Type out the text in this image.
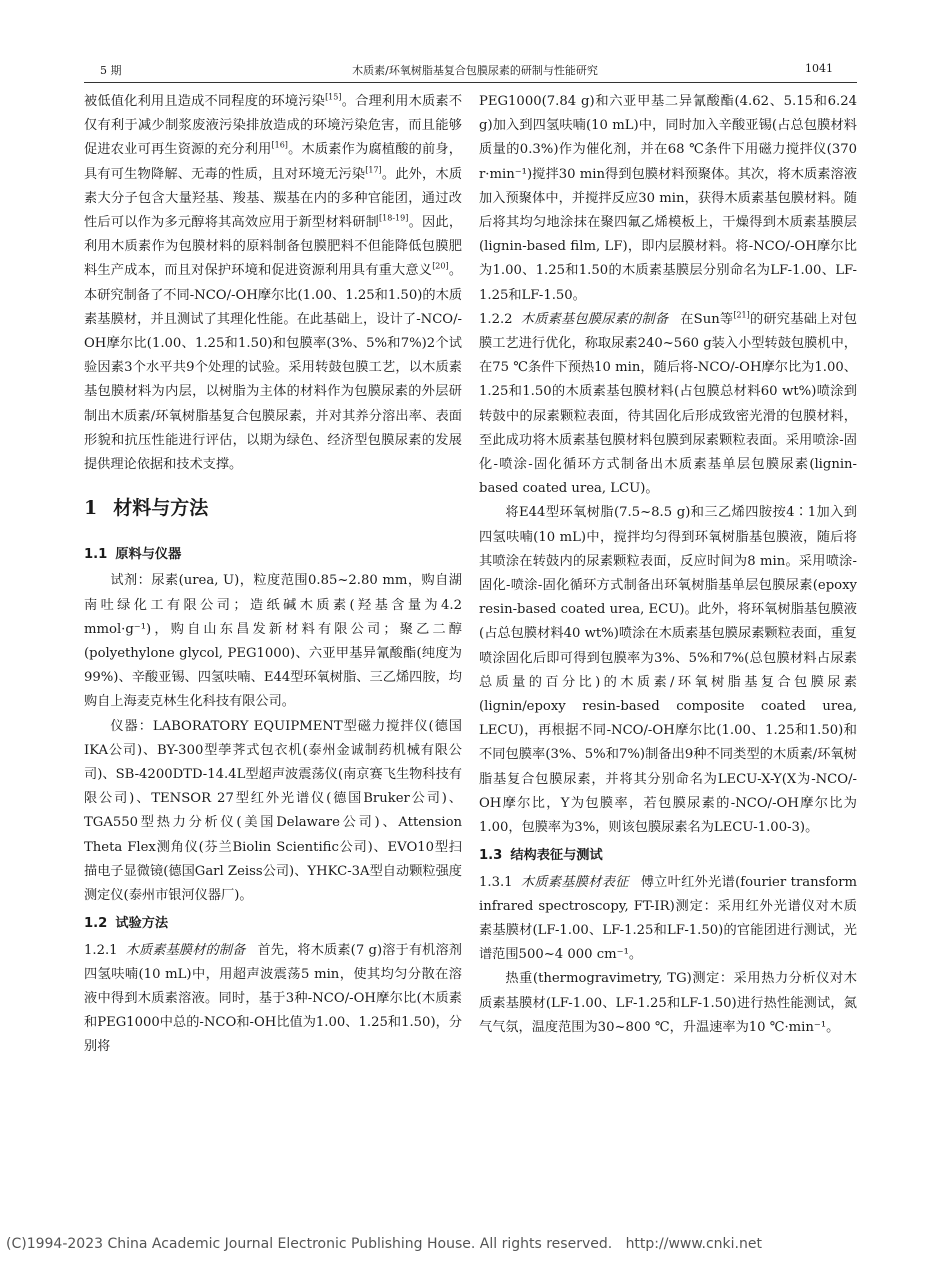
5 期	木质素/环氧树脂基复合包膜尿素的研制与性能研究	1041

被低值化利用且造成不同程度的环境污染[15]。合理利用木质素不仅有利于减少制浆废液污染排放造成的环境污染危害，而且能够促进农业可再生资源的充分利用[16]。木质素作为腐植酸的前身，具有可生物降解、无毒的性质，且对环境无污染[17]。此外，木质素大分子包含大量羟基、羧基、羰基在内的多种官能团，通过改性后可以作为多元醇将其高效应用于新型材料研制[18-19]。因此，利用木质素作为包膜材料的原料制备包膜肥料不但能降低包膜肥料生产成本，而且对保护环境和促进资源利用具有重大意义[20]。本研究制备了不同-NCO/-OH摩尔比(1.00、1.25和1.50)的木质素基膜材，并且测试了其理化性能。在此基础上，设计了-NCO/-OH摩尔比(1.00、1.25和1.50)和包膜率(3%、5%和7%)2个试验因素3个水平共9个处理的试验。采用转鼓包膜工艺，以木质素基包膜材料为内层，以树脂为主体的材料作为包膜尿素的外层研制出木质素/环氧树脂基复合包膜尿素，并对其养分溶出率、表面形貌和抗压性能进行评估，以期为绿色、经济型包膜尿素的发展提供理论依据和技术支撑。

1 材料与方法
1.1 原料与仪器

试剂：尿素(urea, U)，粒度范围0.85~2.80 mm，购自湖南吐绿化工有限公司；造纸碱木质素(羟基含量为4.2 mmol·g⁻¹)，购自山东昌发新材料有限公司；聚乙二醇(polyethylone glycol, PEG1000)、六亚甲基异氰酸酯(纯度为99%)、辛酸亚锡、四氢呋喃、E44型环氧树脂、三乙烯四胺，均购自上海麦克林生化科技有限公司。

仪器：LABORATORY EQUIPMENT型磁力搅拌仪(德国IKA公司)、BY-300型荸荠式包衣机(泰州金诚制药机械有限公司)、SB-4200DTD-14.4L型超声波震荡仪(南京赛飞生物科技有限公司)、TENSOR 27型红外光谱仪(德国Bruker公司)、TGA550型热力分析仪(美国Delaware公司)、Attension Theta Flex测角仪(芬兰Biolin Scientific公司)、EVO10型扫描电子显微镜(德国Garl Zeiss公司)、YHKC-3A型自动颗粒强度测定仪(泰州市银河仪器厂)。

1.2 试验方法

1.2.1 木质素基膜材的制备 首先，将木质素(7 g)溶于有机溶剂四氢呋喃(10 mL)中，用超声波震荡5 min，使其均匀分散在溶液中得到木质素溶液。同时，基于3种-NCO/-OH摩尔比(木质素和PEG1000中总的-NCO和-OH比值为1.00、1.25和1.50)，分别将

PEG1000(7.84 g)和六亚甲基二异氰酸酯(4.62、5.15和6.24 g)加入到四氢呋喃(10 mL)中，同时加入辛酸亚锡(占总包膜材料质量的0.3%)作为催化剂，并在68 ℃条件下用磁力搅拌仪(370 r·min⁻¹)搅拌30 min得到包膜材料预聚体。其次，将木质素溶液加入预聚体中，并搅拌反应30 min，获得木质素基包膜材料。随后将其均匀地涂抹在聚四氟乙烯模板上，干燥得到木质素基膜层(lignin-based film, LF)，即内层膜材料。将-NCO/-OH摩尔比为1.00、1.25和1.50的木质素基膜层分别命名为LF-1.00、LF-1.25和LF-1.50。

1.2.2 木质素基包膜尿素的制备 在Sun等[21]的研究基础上对包膜工艺进行优化，称取尿素240~560 g装入小型转鼓包膜机中，在75 ℃条件下预热10 min，随后将-NCO/-OH摩尔比为1.00、1.25和1.50的木质素基包膜材料(占包膜总材料60 wt%)喷涂到转鼓中的尿素颗粒表面，待其固化后形成致密光滑的包膜材料，至此成功将木质素基包膜材料包膜到尿素颗粒表面。采用喷涂-固化-喷涂-固化循环方式制备出木质素基单层包膜尿素(lignin-based coated urea, LCU)。

将E44型环氧树脂(7.5~8.5 g)和三乙烯四胺按4∶1加入到四氢呋喃(10 mL)中，搅拌均匀得到环氧树脂基包膜液，随后将其喷涂在转鼓内的尿素颗粒表面，反应时间为8 min。采用喷涂-固化-喷涂-固化循环方式制备出环氧树脂基单层包膜尿素(epoxy resin-based coated urea, ECU)。此外，将环氧树脂基包膜液(占总包膜材料40 wt%)喷涂在木质素基包膜尿素颗粒表面，重复喷涂固化后即可得到包膜率为3%、5%和7%(总包膜材料占尿素总质量的百分比)的木质素/环氧树脂基复合包膜尿素(lignin/epoxy resin-based composite coated urea, LECU)，再根据不同-NCO/-OH摩尔比(1.00、1.25和1.50)和不同包膜率(3%、5%和7%)制备出9种不同类型的木质素/环氧树脂基复合包膜尿素，并将其分别命名为LECU-X-Y(X为-NCO/-OH摩尔比，Y为包膜率，若包膜尿素的-NCO/-OH摩尔比为1.00，包膜率为3%，则该包膜尿素名为LECU-1.00-3)。

1.3 结构表征与测试

1.3.1 木质素基膜材表征 傅立叶红外光谱(fourier transform infrared spectroscopy, FT-IR)测定：采用红外光谱仪对木质素基膜材(LF-1.00、LF-1.25和LF-1.50)的官能团进行测试，光谱范围500~4 000 cm⁻¹。

热重(thermogravimetry, TG)测定：采用热力分析仪对木质素基膜材(LF-1.00、LF-1.25和LF-1.50)进行热性能测试，氮气气氛，温度范围为30~800 ℃，升温速率为10 ℃·min⁻¹。

(C)1994-2023 China Academic Journal Electronic Publishing House. All rights reserved. http://www.cnki.net
